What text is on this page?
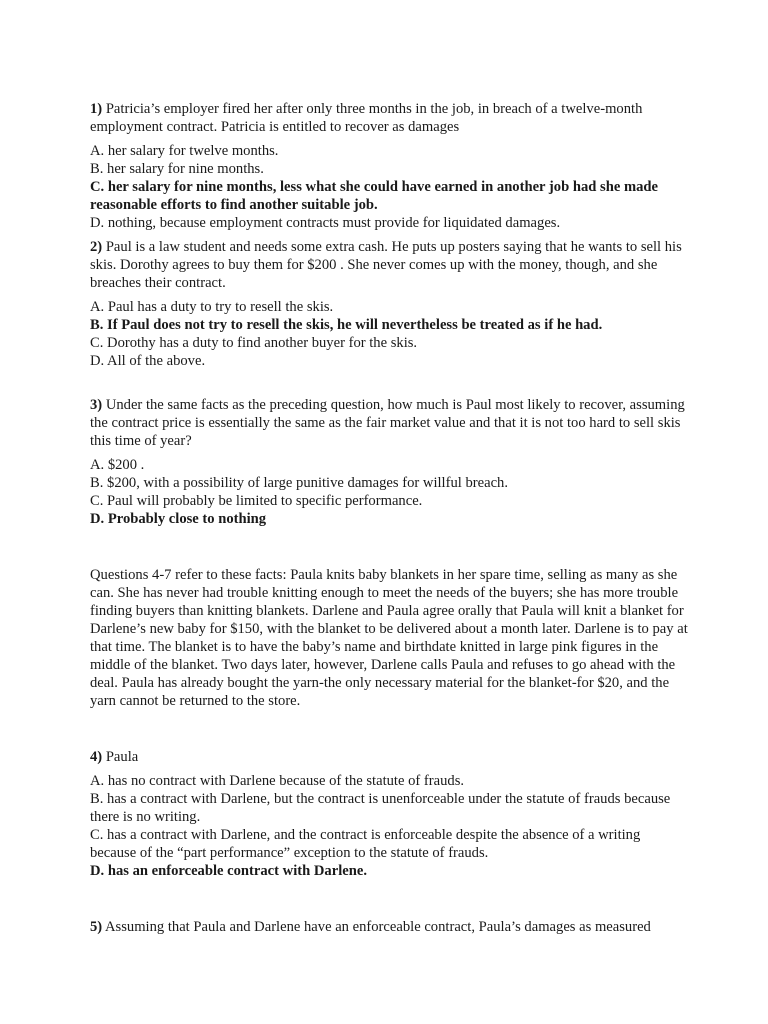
1) Patricia’s employer fired her after only three months in the job, in breach of a twelve-month employment contract. Patricia is entitled to recover as damages

A. her salary for twelve months.
B. her salary for nine months.
C. her salary for nine months, less what she could have earned in another job had she made reasonable efforts to find another suitable job.
D. nothing, because employment contracts must provide for liquidated damages.

2) Paul is a law student and needs some extra cash. He puts up posters saying that he wants to sell his skis. Dorothy agrees to buy them for $200 . She never comes up with the money, though, and she breaches their contract.

A. Paul has a duty to try to resell the skis.
B. If Paul does not try to resell the skis, he will nevertheless be treated as if he had.
C. Dorothy has a duty to find another buyer for the skis.
D. All of the above.

3) Under the same facts as the preceding question, how much is Paul most likely to recover, assuming the contract price is essentially the same as the fair market value and that it is not too hard to sell skis this time of year?

A. $200 .
B. $200, with a possibility of large punitive damages for willful breach.
C. Paul will probably be limited to specific performance.
D. Probably close to nothing

Questions 4-7 refer to these facts: Paula knits baby blankets in her spare time, selling as many as she can. She has never had trouble knitting enough to meet the needs of the buyers; she has more trouble finding buyers than knitting blankets. Darlene and Paula agree orally that Paula will knit a blanket for Darlene’s new baby for $150, with the blanket to be delivered about a month later. Darlene is to pay at that time. The blanket is to have the baby’s name and birthdate knitted in large pink figures in the middle of the blanket. Two days later, however, Darlene calls Paula and refuses to go ahead with the deal. Paula has already bought the yarn-the only necessary material for the blanket-for $20, and the yarn cannot be returned to the store.

4) Paula

A. has no contract with Darlene because of the statute of frauds.
B. has a contract with Darlene, but the contract is unenforceable under the statute of frauds because there is no writing.
C. has a contract with Darlene, and the contract is enforceable despite the absence of a writing because of the “part performance” exception to the statute of frauds.
D. has an enforceable contract with Darlene.

5) Assuming that Paula and Darlene have an enforceable contract, Paula’s damages as measured
